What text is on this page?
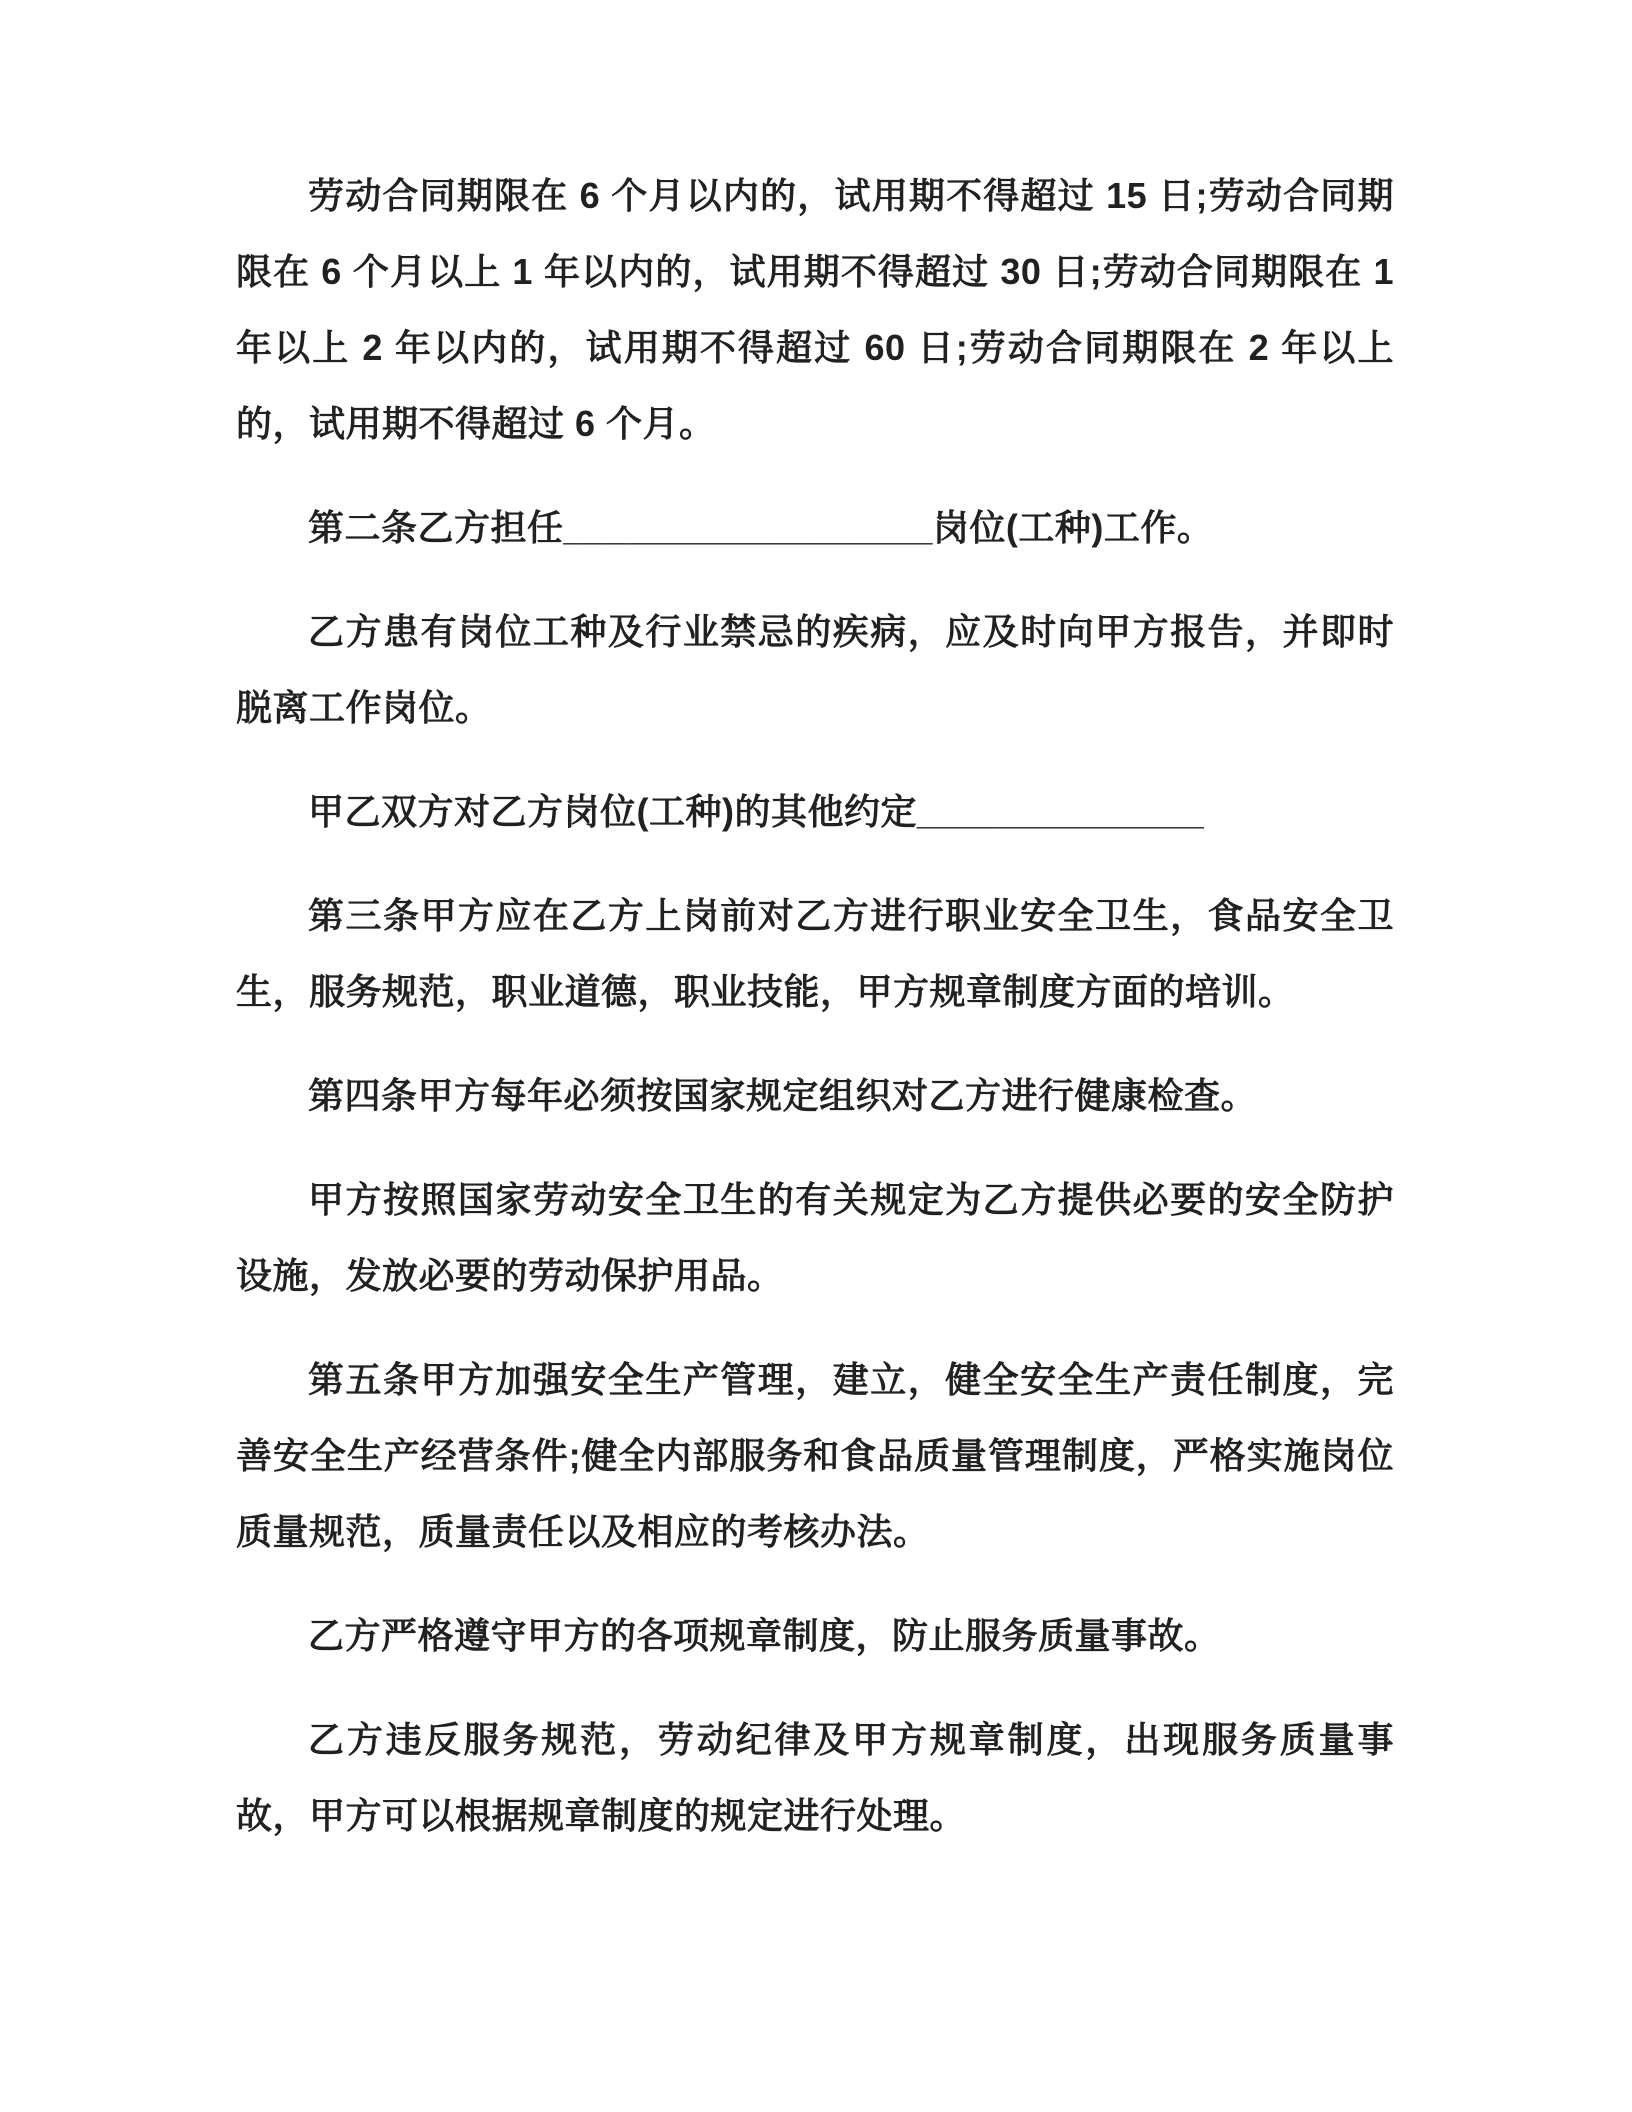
劳动合同期限在 6 个月以内的，试用期不得超过 15 日;劳动合同期限在 6 个月以上 1 年以内的，试用期不得超过 30 日;劳动合同期限在 1 年以上 2 年以内的，试用期不得超过 60 日;劳动合同期限在 2 年以上的，试用期不得超过 6 个月。

第二条乙方担任__________________岗位(工种)工作。

乙方患有岗位工种及行业禁忌的疾病，应及时向甲方报告，并即时脱离工作岗位。

甲乙双方对乙方岗位(工种)的其他约定______________

第三条甲方应在乙方上岗前对乙方进行职业安全卫生，食品安全卫生，服务规范，职业道德，职业技能，甲方规章制度方面的培训。

第四条甲方每年必须按国家规定组织对乙方进行健康检查。

甲方按照国家劳动安全卫生的有关规定为乙方提供必要的安全防护设施，发放必要的劳动保护用品。

第五条甲方加强安全生产管理，建立，健全安全生产责任制度，完善安全生产经营条件;健全内部服务和食品质量管理制度，严格实施岗位质量规范，质量责任以及相应的考核办法。

乙方严格遵守甲方的各项规章制度，防止服务质量事故。

乙方违反服务规范，劳动纪律及甲方规章制度，出现服务质量事故，甲方可以根据规章制度的规定进行处理。
